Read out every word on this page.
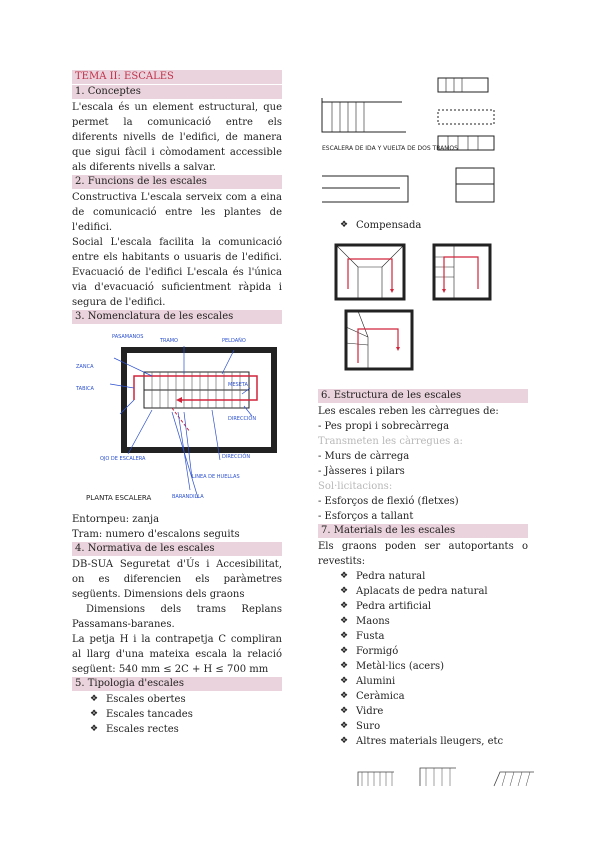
TEMA II: ESCALES
1. Conceptes
L'escala és un element estructural, que permet la comunicació entre els diferents nivells de l'edifici, de manera que sigui fàcil i còmodament accessible als diferents nivells a salvar.
2. Funcions de les escales
Constructiva L'escala serveix com a eina de comunicació entre les plantes de l'edifici.
Social L'escala facilita la comunicació entre els habitants o usuaris de l'edifici. Evacuació de l'edifici L'escala és l'única via d'evacuació suficientment ràpida i segura de l'edifici.
3. Nomenclatura de les escales
PASAMANOS
TRAMO	PELDAÑO
ZANCA
TABICA
MESETA
DIRECCIÓN
OJO DE ESCALERA	DIRECCIÓN
LINEA DE HUELLAS
BARANDILLA
PLANTA ESCALERA
Entornpeu: zanja
Tram: numero d'escalons seguits
4. Normativa de les escales
DB-SUA Seguretat d'Ús i Accesibilitat, on es diferencien els paràmetres següents. Dimensions dels graons
Dimensions dels trams Replans Passamans-baranes.
La petja H i la contrapetja C compliran al llarg d'una mateixa escala la relació següent: 540 mm ≤ 2C + H ≤ 700 mm
5. Tipologia d'escales
❖ Escales obertes
❖ Escales tancades
❖ Escales rectes
ESCALERA DE IDA Y VUELTA DE DOS TRAMOS
❖ Compensada
6. Estructura de les escales
Les escales reben les càrregues de:
- Pes propi i sobrecàrrega
Transmeten les càrregues a:
- Murs de càrrega
- Jàsseres i pilars
Sol·licitacions:
- Esforços de flexió (fletxes)
- Esforços a tallant
7. Materials de les escales
Els graons poden ser autoportants o revestits:
❖ Pedra natural
❖ Aplacats de pedra natural
❖ Pedra artificial
❖ Maons
❖ Fusta
❖ Formigó
❖ Metàl·lics (acers)
❖ Alumini
❖ Ceràmica
❖ Vidre
❖ Suro
❖ Altres materials lleugers, etc
